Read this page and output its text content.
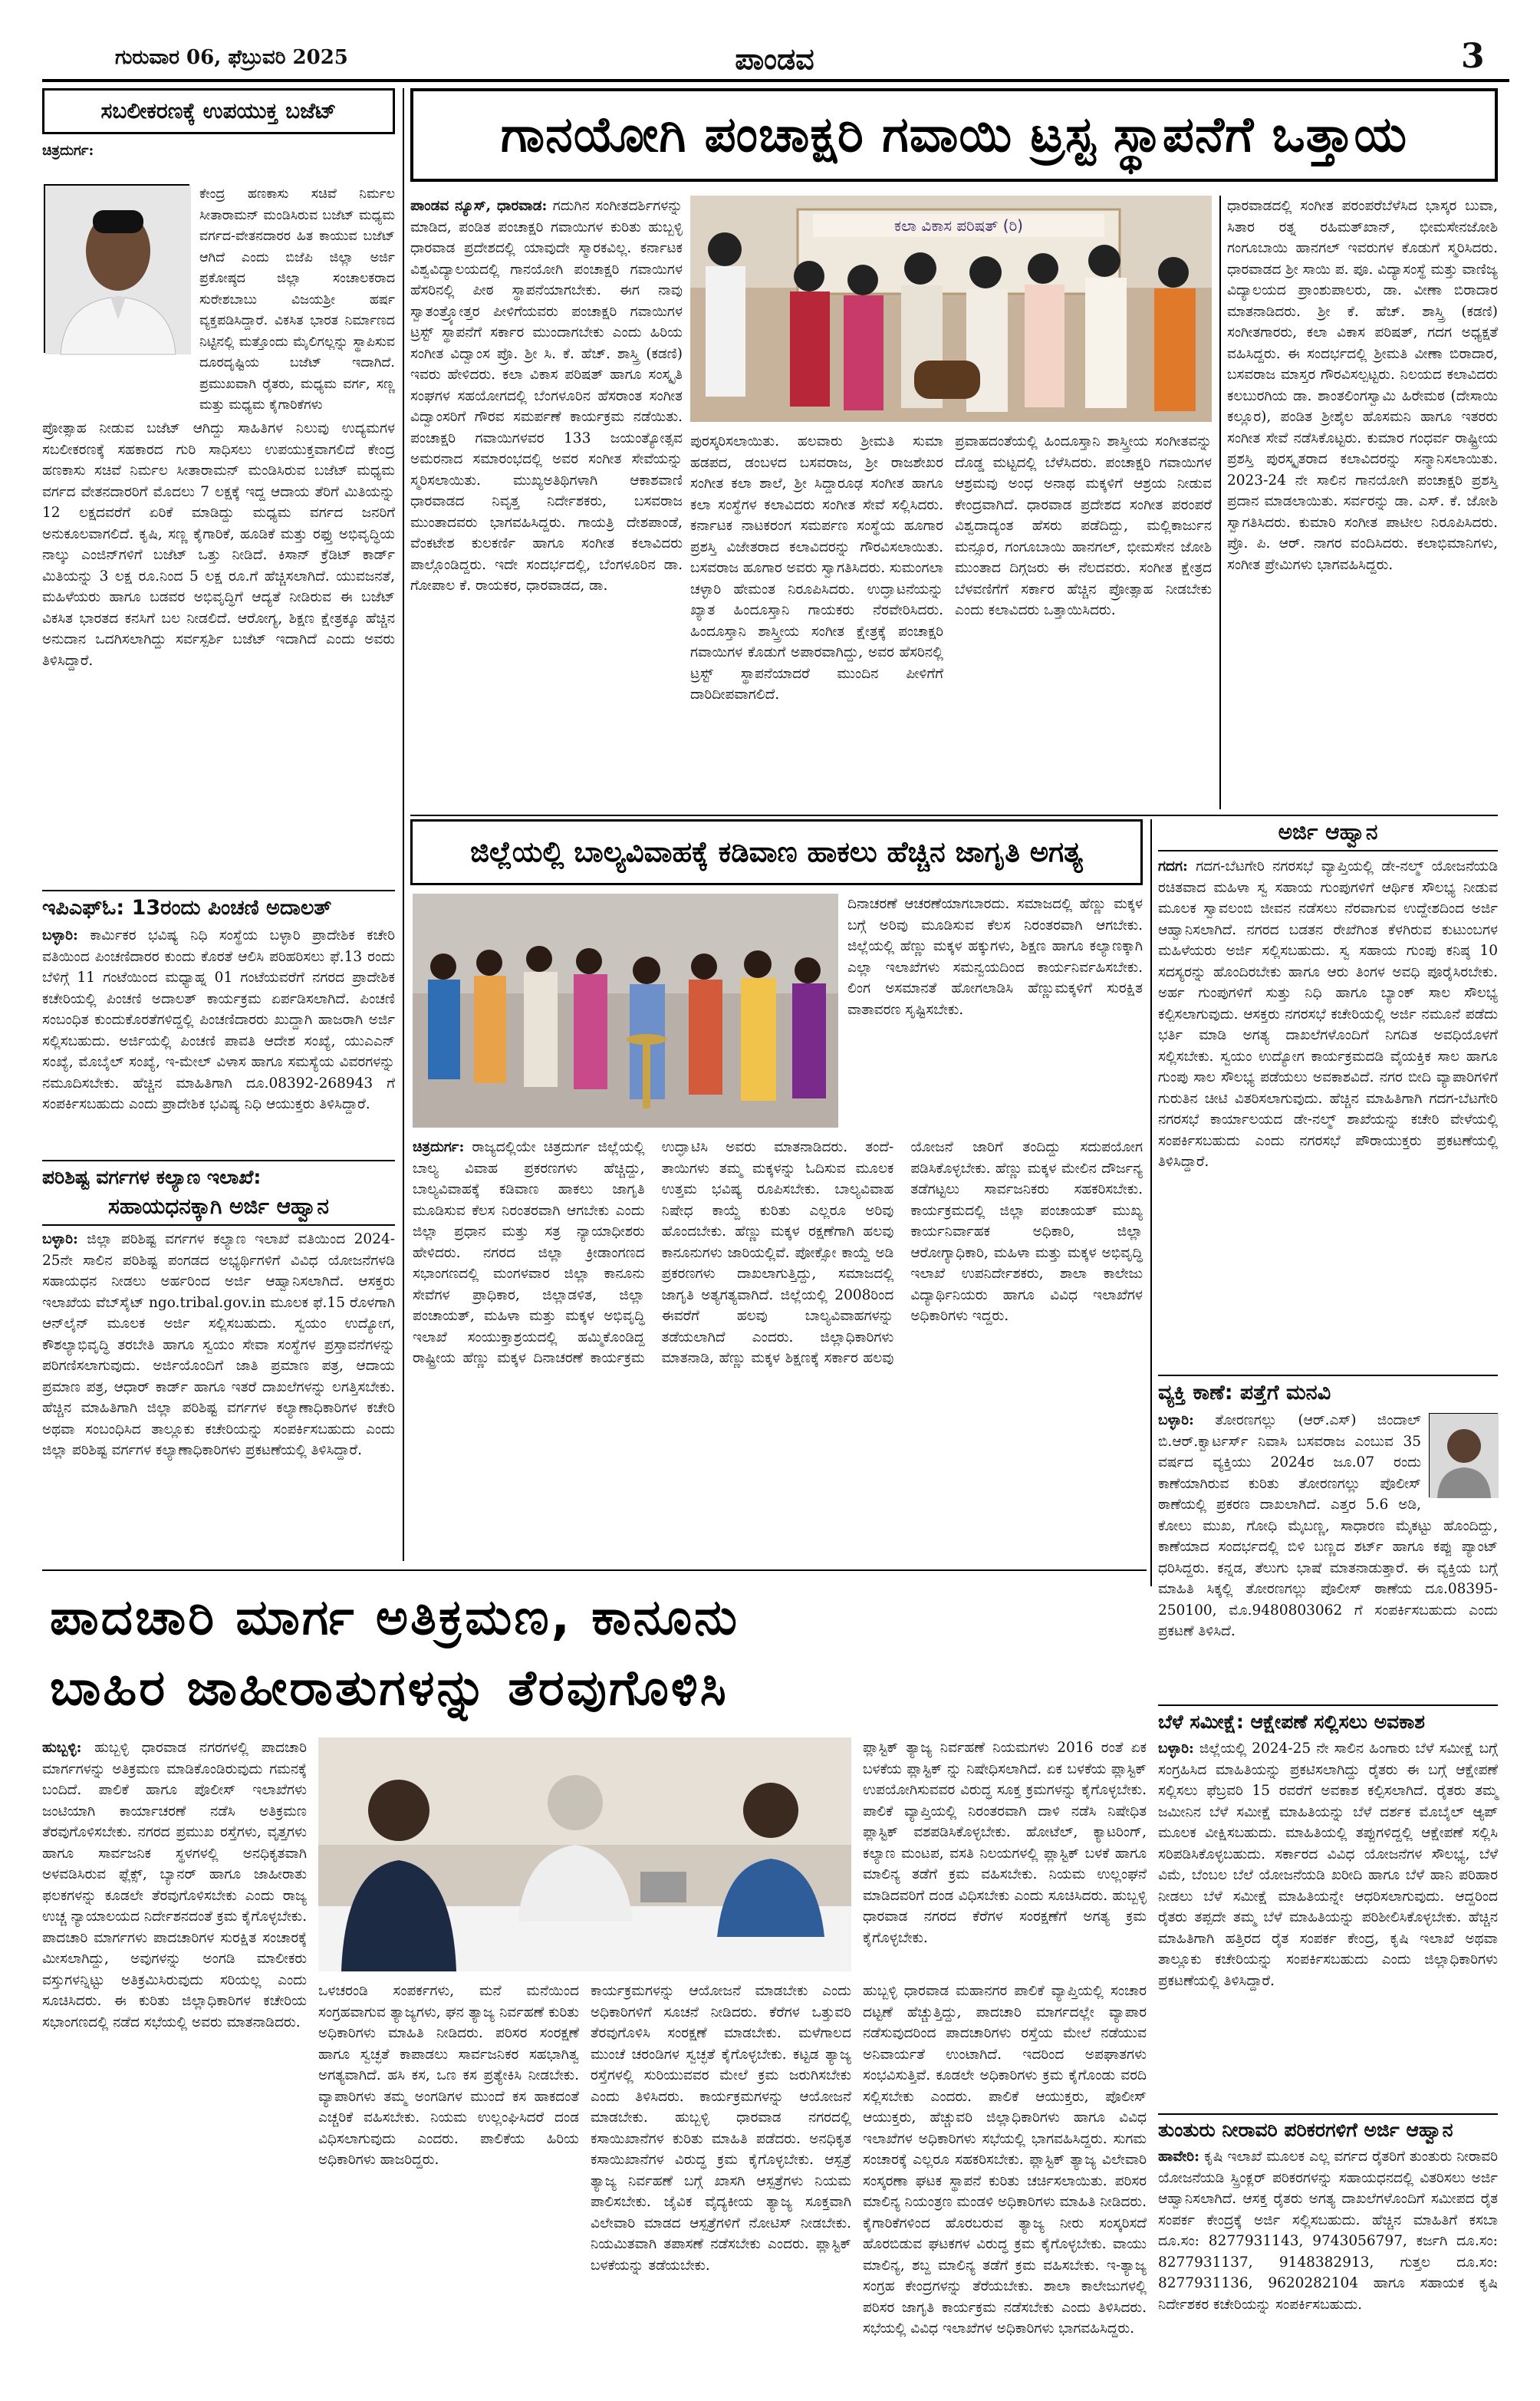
ಗುರುವಾರ 06, ಫೆಬ್ರುವರಿ 2025	ಪಾಂಡವ	3
ಸಬಲೀಕರಣಕ್ಕೆ ಉಪಯುಕ್ತ ಬಜೆಟ್
ಚಿತ್ರದುರ್ಗ:
ಕೇಂದ್ರ ಹಣಕಾಸು ಸಚಿವೆ ನಿರ್ಮಲ ಸೀತಾರಾಮನ್ ಮಂಡಿಸಿರುವ ಬಜೆಟ್ ಮಧ್ಯಮ ವರ್ಗದ-ವೇತನದಾರರ ಹಿತ ಕಾಯುವ ಬಜೆಟ್ ಆಗಿದೆ ಎಂದು ಬಿಜೆಪಿ ಜಿಲ್ಲಾ ಅರ್ಜಿ ಪ್ರಕೋಷ್ಠದ ಜಿಲ್ಲಾ ಸಂಚಾಲಕರಾದ ಸುರೇಶಬಾಬು ವಿಜಯಶ್ರೀ ಹರ್ಷ ವ್ಯಕ್ತಪಡಿಸಿದ್ದಾರೆ. ವಿಕಸಿತ ಭಾರತ ನಿರ್ಮಾಣದ ನಿಟ್ಟಿನಲ್ಲಿ ಮತ್ತೊಂದು ಮೈಲಿಗಲ್ಲನ್ನು ಸ್ಥಾಪಿಸುವ ದೂರದೃಷ್ಟಿಯ ಬಜೆಟ್ ಇದಾಗಿದೆ. ಪ್ರಮುಖವಾಗಿ ರೈತರು, ಮಧ್ಯಮ ವರ್ಗ, ಸಣ್ಣ ಮತ್ತು ಮಧ್ಯಮ ಕೈಗಾರಿಕೆಗಳು
ಪ್ರೋತ್ಸಾಹ ನೀಡುವ ಬಜೆಟ್ ಆಗಿದ್ದು ಸಾಹಿತಿಗಳ ನಿಲುವು ಉದ್ಯಮಗಳ ಸಬಲೀಕರಣಕ್ಕೆ ಸಹಕಾರದ ಗುರಿ ಸಾಧಿಸಲು ಉಪಯುಕ್ತವಾಗಲಿದೆ ಕೇಂದ್ರ ಹಣಕಾಸು ಸಚಿವೆ ನಿರ್ಮಲ ಸೀತಾರಾಮನ್ ಮಂಡಿಸಿರುವ ಬಜೆಟ್ ಮಧ್ಯಮ ವರ್ಗದ ವೇತನದಾರರಿಗೆ ಮೊದಲು 7 ಲಕ್ಷಕ್ಕೆ ಇದ್ದ ಆದಾಯ ತೆರಿಗೆ ಮಿತಿಯನ್ನು 12 ಲಕ್ಷದವರೆಗೆ ಏರಿಕೆ ಮಾಡಿದ್ದು ಮಧ್ಯಮ ವರ್ಗದ ಜನರಿಗೆ ಅನುಕೂಲವಾಗಲಿದೆ. ಕೃಷಿ, ಸಣ್ಣ ಕೈಗಾರಿಕೆ, ಹೂಡಿಕೆ ಮತ್ತು ರಫ್ತು ಅಭಿವೃದ್ಧಿಯ ನಾಲ್ಕು ಎಂಜಿನ್‌ಗಳಿಗೆ ಬಜೆಟ್ ಒತ್ತು ನೀಡಿದೆ. ಕಿಸಾನ್ ಕ್ರೆಡಿಟ್ ಕಾರ್ಡ್ ಮಿತಿಯನ್ನು 3 ಲಕ್ಷ ರೂ.ನಿಂದ 5 ಲಕ್ಷ ರೂ.ಗೆ ಹೆಚ್ಚಿಸಲಾಗಿದೆ. ಯುವಜನತೆ, ಮಹಿಳೆಯರು ಹಾಗೂ ಬಡವರ ಅಭಿವೃದ್ಧಿಗೆ ಆದ್ಯತೆ ನೀಡಿರುವ ಈ ಬಜೆಟ್ ವಿಕಸಿತ ಭಾರತದ ಕನಸಿಗೆ ಬಲ ನೀಡಲಿದೆ. ಆರೋಗ್ಯ, ಶಿಕ್ಷಣ ಕ್ಷೇತ್ರಕ್ಕೂ ಹೆಚ್ಚಿನ ಅನುದಾನ ಒದಗಿಸಲಾಗಿದ್ದು ಸರ್ವಸ್ಪರ್ಶಿ ಬಜೆಟ್ ಇದಾಗಿದೆ ಎಂದು ಅವರು ತಿಳಿಸಿದ್ದಾರೆ.
ಇಪಿಎಫ್‌ಓ: 13ರಂದು ಪಿಂಚಣಿ ಅದಾಲತ್
ಬಳ್ಳಾರಿ: ಕಾರ್ಮಿಕರ ಭವಿಷ್ಯ ನಿಧಿ ಸಂಸ್ಥೆಯ ಬಳ್ಳಾರಿ ಪ್ರಾದೇಶಿಕ ಕಚೇರಿ ವತಿಯಿಂದ ಪಿಂಚಣಿದಾರರ ಕುಂದು ಕೊರತೆ ಆಲಿಸಿ ಪರಿಹರಿಸಲು ಫೆ.13 ರಂದು ಬೆಳಿಗ್ಗೆ 11 ಗಂಟೆಯಿಂದ ಮಧ್ಯಾಹ್ನ 01 ಗಂಟೆಯವರೆಗೆ ನಗರದ ಪ್ರಾದೇಶಿಕ ಕಚೇರಿಯಲ್ಲಿ ಪಿಂಚಣಿ ಅದಾಲತ್ ಕಾರ್ಯಕ್ರಮ ಏರ್ಪಡಿಸಲಾಗಿದೆ. ಪಿಂಚಣಿ ಸಂಬಂಧಿತ ಕುಂದುಕೊರತೆಗಳಿದ್ದಲ್ಲಿ ಪಿಂಚಣಿದಾರರು ಖುದ್ದಾಗಿ ಹಾಜರಾಗಿ ಅರ್ಜಿ ಸಲ್ಲಿಸಬಹುದು. ಅರ್ಜಿಯಲ್ಲಿ ಪಿಂಚಣಿ ಪಾವತಿ ಆದೇಶ ಸಂಖ್ಯೆ, ಯುಎಎನ್ ಸಂಖ್ಯೆ, ಮೊಬೈಲ್ ಸಂಖ್ಯೆ, ಇ-ಮೇಲ್ ವಿಳಾಸ ಹಾಗೂ ಸಮಸ್ಯೆಯ ವಿವರಗಳನ್ನು ನಮೂದಿಸಬೇಕು. ಹೆಚ್ಚಿನ ಮಾಹಿತಿಗಾಗಿ ದೂ.08392-268943 ಗೆ ಸಂಪರ್ಕಿಸಬಹುದು ಎಂದು ಪ್ರಾದೇಶಿಕ ಭವಿಷ್ಯ ನಿಧಿ ಆಯುಕ್ತರು ತಿಳಿಸಿದ್ದಾರೆ.
ಪರಿಶಿಷ್ಟ ವರ್ಗಗಳ ಕಲ್ಯಾಣ ಇಲಾಖೆ:
ಸಹಾಯಧನಕ್ಕಾಗಿ ಅರ್ಜಿ ಆಹ್ವಾನ
ಬಳ್ಳಾರಿ: ಜಿಲ್ಲಾ ಪರಿಶಿಷ್ಟ ವರ್ಗಗಳ ಕಲ್ಯಾಣ ಇಲಾಖೆ ವತಿಯಿಂದ 2024-25ನೇ ಸಾಲಿನ ಪರಿಶಿಷ್ಟ ಪಂಗಡದ ಅಭ್ಯರ್ಥಿಗಳಿಗೆ ವಿವಿಧ ಯೋಜನೆಗಳಡಿ ಸಹಾಯಧನ ನೀಡಲು ಅರ್ಹರಿಂದ ಅರ್ಜಿ ಆಹ್ವಾನಿಸಲಾಗಿದೆ. ಆಸಕ್ತರು ಇಲಾಖೆಯ ವೆಬ್‌ಸೈಟ್ ngo.tribal.gov.in ಮೂಲಕ ಫೆ.15 ರೊಳಗಾಗಿ ಆನ್‌ಲೈನ್ ಮೂಲಕ ಅರ್ಜಿ ಸಲ್ಲಿಸಬಹುದು. ಸ್ವಯಂ ಉದ್ಯೋಗ, ಕೌಶಲ್ಯಾಭಿವೃದ್ಧಿ ತರಬೇತಿ ಹಾಗೂ ಸ್ವಯಂ ಸೇವಾ ಸಂಸ್ಥೆಗಳ ಪ್ರಸ್ತಾವನೆಗಳನ್ನು ಪರಿಗಣಿಸಲಾಗುವುದು. ಅರ್ಜಿಯೊಂದಿಗೆ ಜಾತಿ ಪ್ರಮಾಣ ಪತ್ರ, ಆದಾಯ ಪ್ರಮಾಣ ಪತ್ರ, ಆಧಾರ್ ಕಾರ್ಡ್ ಹಾಗೂ ಇತರೆ ದಾಖಲೆಗಳನ್ನು ಲಗತ್ತಿಸಬೇಕು. ಹೆಚ್ಚಿನ ಮಾಹಿತಿಗಾಗಿ ಜಿಲ್ಲಾ ಪರಿಶಿಷ್ಟ ವರ್ಗಗಳ ಕಲ್ಯಾಣಾಧಿಕಾರಿಗಳ ಕಚೇರಿ ಅಥವಾ ಸಂಬಂಧಿಸಿದ ತಾಲ್ಲೂಕು ಕಚೇರಿಯನ್ನು ಸಂಪರ್ಕಿಸಬಹುದು ಎಂದು ಜಿಲ್ಲಾ ಪರಿಶಿಷ್ಟ ವರ್ಗಗಳ ಕಲ್ಯಾಣಾಧಿಕಾರಿಗಳು ಪ್ರಕಟಣೆಯಲ್ಲಿ ತಿಳಿಸಿದ್ದಾರೆ.
ಗಾನಯೋಗಿ ಪಂಚಾಕ್ಷರಿ ಗವಾಯಿ ಟ್ರಸ್ಟ ಸ್ಥಾಪನೆಗೆ ಒತ್ತಾಯ
ಪಾಂಡವ ನ್ಯೂಸ್, ಧಾರವಾಡ: ಗದುಗಿನ ಸಂಗೀತದರ್ಶಿಗಳನ್ನು ಮಾಡಿದ, ಪಂಡಿತ ಪಂಚಾಕ್ಷರಿ ಗವಾಯಿಗಳ ಕುರಿತು ಹುಬ್ಬಳ್ಳಿ ಧಾರವಾಡ ಪ್ರದೇಶದಲ್ಲಿ ಯಾವುದೇ ಸ್ಮಾರಕವಿಲ್ಲ. ಕರ್ನಾಟಕ ವಿಶ್ವವಿದ್ಯಾಲಯದಲ್ಲಿ ಗಾನಯೋಗಿ ಪಂಚಾಕ್ಷರಿ ಗವಾಯಿಗಳ ಹೆಸರಿನಲ್ಲಿ ಪೀಠ ಸ್ಥಾಪನೆಯಾಗಬೇಕು. ಈಗ ನಾವು ಸ್ವಾತಂತ್ರ್ಯೋತ್ತರ ಪೀಳಿಗೆಯವರು ಪಂಚಾಕ್ಷರಿ ಗವಾಯಿಗಳ ಟ್ರಸ್ಟ್ ಸ್ಥಾಪನೆಗೆ ಸರ್ಕಾರ ಮುಂದಾಗಬೇಕು ಎಂದು ಹಿರಿಯ ಸಂಗೀತ ವಿದ್ವಾಂಸ ಪ್ರೊ. ಶ್ರೀ ಸಿ. ಕೆ. ಹೆಚ್. ಶಾಸ್ತ್ರಿ (ಕಡಣಿ) ಇವರು ಹೇಳಿದರು. ಕಲಾ ವಿಕಾಸ ಪರಿಷತ್ ಹಾಗೂ ಸಂಸ್ಕೃತಿ ಸಂಘಗಳ ಸಹಯೋಗದಲ್ಲಿ ಬೆಂಗಳೂರಿನ ಹೆಸರಾಂತ ಸಂಗೀತ ವಿದ್ವಾಂಸರಿಗೆ ಗೌರವ ಸಮರ್ಪಣೆ ಕಾರ್ಯಕ್ರಮ ನಡೆಯಿತು. ಪಂಚಾಕ್ಷರಿ ಗವಾಯಿಗಳವರ 133 ಜಯಂತ್ಯೋತ್ಸವ ಅಮರನಾದ ಸಮಾರಂಭದಲ್ಲಿ ಅವರ ಸಂಗೀತ ಸೇವೆಯನ್ನು ಸ್ಮರಿಸಲಾಯಿತು. ಮುಖ್ಯಅತಿಥಿಗಳಾಗಿ ಆಕಾಶವಾಣಿ ಧಾರವಾಡದ ನಿವೃತ್ತ ನಿರ್ದೇಶಕರು, ಬಸವರಾಜ ಮುಂತಾದವರು ಭಾಗವಹಿಸಿದ್ದರು. ಗಾಯತ್ರಿ ದೇಶಪಾಂಡೆ, ವೆಂಕಟೇಶ ಕುಲಕರ್ಣಿ ಹಾಗೂ ಸಂಗೀತ ಕಲಾವಿದರು ಪಾಲ್ಗೊಂಡಿದ್ದರು. ಇದೇ ಸಂದರ್ಭದಲ್ಲಿ, ಬೆಂಗಳೂರಿನ ಡಾ. ಗೋಪಾಲ ಕೆ. ರಾಯಕರ, ಧಾರವಾಡದ, ಡಾ.
ಕಲಾ ವಿಕಾಸ ಪರಿಷತ್ (ರಿ)
ಪುರಸ್ಕರಿಸಲಾಯಿತು. ಹಲವಾರು ಶ್ರೀಮತಿ ಸುಮಾ ಹಡಪದ, ಡಂಬಳದ ಬಸವರಾಜ, ಶ್ರೀ ರಾಜಶೇಖರ ಸಂಗೀತ ಕಲಾ ಶಾಲೆ, ಶ್ರೀ ಸಿದ್ದಾರೂಢ ಸಂಗೀತ ಹಾಗೂ ಕಲಾ ಸಂಸ್ಥೆಗಳ ಕಲಾವಿದರು ಸಂಗೀತ ಸೇವೆ ಸಲ್ಲಿಸಿದರು. ಕರ್ನಾಟಕ ನಾಟಕರಂಗ ಸಮರ್ಪಣ ಸಂಸ್ಥೆಯ ಹೂಗಾರ ಪ್ರಶಸ್ತಿ ವಿಜೇತರಾದ ಕಲಾವಿದರನ್ನು ಗೌರವಿಸಲಾಯಿತು. ಬಸವರಾಜ ಹೂಗಾರ ಅವರು ಸ್ವಾಗತಿಸಿದರು. ಸುಮಂಗಲಾ ಚಳ್ಳಾರಿ ಹೇಮಂತ ನಿರೂಪಿಸಿದರು. ಉದ್ಘಾಟನೆಯನ್ನು ಖ್ಯಾತ ಹಿಂದೂಸ್ತಾನಿ ಗಾಯಕರು ನೆರವೇರಿಸಿದರು. ಹಿಂದೂಸ್ತಾನಿ ಶಾಸ್ತ್ರೀಯ ಸಂಗೀತ ಕ್ಷೇತ್ರಕ್ಕೆ ಪಂಚಾಕ್ಷರಿ ಗವಾಯಿಗಳ ಕೊಡುಗೆ ಅಪಾರವಾಗಿದ್ದು, ಅವರ ಹೆಸರಿನಲ್ಲಿ ಟ್ರಸ್ಟ್ ಸ್ಥಾಪನೆಯಾದರೆ ಮುಂದಿನ ಪೀಳಿಗೆಗೆ ದಾರಿದೀಪವಾಗಲಿದೆ.
ಪ್ರವಾಹದಂತೆಯಲ್ಲಿ ಹಿಂದೂಸ್ತಾನಿ ಶಾಸ್ತ್ರೀಯ ಸಂಗೀತವನ್ನು ದೊಡ್ಡ ಮಟ್ಟದಲ್ಲಿ ಬೆಳೆಸಿದರು. ಪಂಚಾಕ್ಷರಿ ಗವಾಯಿಗಳ ಆಶ್ರಮವು ಅಂಧ ಅನಾಥ ಮಕ್ಕಳಿಗೆ ಆಶ್ರಯ ನೀಡುವ ಕೇಂದ್ರವಾಗಿದೆ. ಧಾರವಾಡ ಪ್ರದೇಶದ ಸಂಗೀತ ಪರಂಪರೆ ವಿಶ್ವದಾದ್ಯಂತ ಹೆಸರು ಪಡೆದಿದ್ದು, ಮಲ್ಲಿಕಾರ್ಜುನ ಮನ್ಸೂರ, ಗಂಗೂಬಾಯಿ ಹಾನಗಲ್, ಭೀಮಸೇನ ಜೋಶಿ ಮುಂತಾದ ದಿಗ್ಗಜರು ಈ ನೆಲದವರು. ಸಂಗೀತ ಕ್ಷೇತ್ರದ ಬೆಳವಣಿಗೆಗೆ ಸರ್ಕಾರ ಹೆಚ್ಚಿನ ಪ್ರೋತ್ಸಾಹ ನೀಡಬೇಕು ಎಂದು ಕಲಾವಿದರು ಒತ್ತಾಯಿಸಿದರು.
ಧಾರವಾಡದಲ್ಲಿ ಸಂಗೀತ ಪರಂಪರೆಬೆಳೆಸಿದ ಭಾಸ್ಕರ ಬುವಾ, ಸಿತಾರ ರತ್ನ ರಹಿಮತ್‌ಖಾನ್, ಭೀಮಸೇನಜೋಶಿ ಗಂಗೂಬಾಯಿ ಹಾನಗಲ್ ಇವರುಗಳ ಕೊಡುಗೆ ಸ್ಮರಿಸಿದರು. ಧಾರವಾಡದ ಶ್ರೀ ಸಾಯಿ ಪ. ಪೂ. ವಿದ್ಯಾಸಂಸ್ಥೆ ಮತ್ತು ವಾಣಿಜ್ಯ ವಿದ್ಯಾಲಯದ ಪ್ರಾಂಶುಪಾಲರು, ಡಾ. ವೀಣಾ ಬಿರಾದಾರ ಮಾತನಾಡಿದರು. ಶ್ರೀ ಕೆ. ಹೆಚ್. ಶಾಸ್ತ್ರಿ (ಕಡಣಿ) ಸಂಗೀತಗಾರರು, ಕಲಾ ವಿಕಾಸ ಪರಿಷತ್, ಗದಗ ಅಧ್ಯಕ್ಷತೆ ವಹಿಸಿದ್ದರು. ಈ ಸಂದರ್ಭದಲ್ಲಿ ಶ್ರೀಮತಿ ವೀಣಾ ಬಿರಾದಾರ, ಬಸವರಾಜ ಮಾಸ್ತರ ಗೌರವಿಸಲ್ಪಟ್ಟರು. ನಿಲಯದ ಕಲಾವಿದರು ಕಲಬುರಗಿಯ ಡಾ. ಶಾಂತಲಿಂಗಸ್ವಾಮಿ ಹಿರೇಮಠ (ದೇಸಾಯಿ ಕಲ್ಲೂರ), ಪಂಡಿತ ಶ್ರೀಶೈಲ ಹೊಸಮನಿ ಹಾಗೂ ಇತರರು ಸಂಗೀತ ಸೇವೆ ನಡೆಸಿಕೊಟ್ಟರು. ಕುಮಾರ ಗಂಧರ್ವ ರಾಷ್ಟ್ರೀಯ ಪ್ರಶಸ್ತಿ ಪುರಸ್ಕೃತರಾದ ಕಲಾವಿದರನ್ನು ಸನ್ಮಾನಿಸಲಾಯಿತು. 2023-24 ನೇ ಸಾಲಿನ ಗಾನಯೋಗಿ ಪಂಚಾಕ್ಷರಿ ಪ್ರಶಸ್ತಿ ಪ್ರದಾನ ಮಾಡಲಾಯಿತು. ಸರ್ವರನ್ನು ಡಾ. ಎಸ್. ಕೆ. ಜೋಶಿ ಸ್ವಾಗತಿಸಿದರು. ಕುಮಾರಿ ಸಂಗೀತ ಪಾಟೀಲ ನಿರೂಪಿಸಿದರು. ಪ್ರೊ. ಪಿ. ಆರ್. ನಾಗರ ವಂದಿಸಿದರು. ಕಲಾಭಿಮಾನಿಗಳು, ಸಂಗೀತ ಪ್ರೇಮಿಗಳು ಭಾಗವಹಿಸಿದ್ದರು.
ಜಿಲ್ಲೆಯಲ್ಲಿ ಬಾಲ್ಯವಿವಾಹಕ್ಕೆ ಕಡಿವಾಣ ಹಾಕಲು ಹೆಚ್ಚಿನ ಜಾಗೃತಿ ಅಗತ್ಯ
ದಿನಾಚರಣೆ ಆಚರಣೆಯಾಗಬಾರದು. ಸಮಾಜದಲ್ಲಿ ಹೆಣ್ಣು ಮಕ್ಕಳ ಬಗ್ಗೆ ಅರಿವು ಮೂಡಿಸುವ ಕೆಲಸ ನಿರಂತರವಾಗಿ ಆಗಬೇಕು. ಜಿಲ್ಲೆಯಲ್ಲಿ ಹೆಣ್ಣು ಮಕ್ಕಳ ಹಕ್ಕುಗಳು, ಶಿಕ್ಷಣ ಹಾಗೂ ಕಲ್ಯಾಣಕ್ಕಾಗಿ ಎಲ್ಲಾ ಇಲಾಖೆಗಳು ಸಮನ್ವಯದಿಂದ ಕಾರ್ಯನಿರ್ವಹಿಸಬೇಕು. ಲಿಂಗ ಅಸಮಾನತೆ ಹೋಗಲಾಡಿಸಿ ಹೆಣ್ಣುಮಕ್ಕಳಿಗೆ ಸುರಕ್ಷಿತ ವಾತಾವರಣ ಸೃಷ್ಟಿಸಬೇಕು.
ಚಿತ್ರದುರ್ಗ: ರಾಜ್ಯದಲ್ಲಿಯೇ ಚಿತ್ರದುರ್ಗ ಜಿಲ್ಲೆಯಲ್ಲಿ ಬಾಲ್ಯ ವಿವಾಹ ಪ್ರಕರಣಗಳು ಹೆಚ್ಚಿದ್ದು, ಬಾಲ್ಯವಿವಾಹಕ್ಕೆ ಕಡಿವಾಣ ಹಾಕಲು ಜಾಗೃತಿ ಮೂಡಿಸುವ ಕೆಲಸ ನಿರಂತರವಾಗಿ ಆಗಬೇಕು ಎಂದು ಜಿಲ್ಲಾ ಪ್ರಧಾನ ಮತ್ತು ಸತ್ರ ನ್ಯಾಯಾಧೀಶರು ಹೇಳಿದರು. ನಗರದ ಜಿಲ್ಲಾ ಕ್ರೀಡಾಂಗಣದ ಸಭಾಂಗಣದಲ್ಲಿ ಮಂಗಳವಾರ ಜಿಲ್ಲಾ ಕಾನೂನು ಸೇವೆಗಳ ಪ್ರಾಧಿಕಾರ, ಜಿಲ್ಲಾಡಳಿತ, ಜಿಲ್ಲಾ ಪಂಚಾಯತ್, ಮಹಿಳಾ ಮತ್ತು ಮಕ್ಕಳ ಅಭಿವೃದ್ಧಿ ಇಲಾಖೆ ಸಂಯುಕ್ತಾಶ್ರಯದಲ್ಲಿ ಹಮ್ಮಿಕೊಂಡಿದ್ದ ರಾಷ್ಟ್ರೀಯ ಹೆಣ್ಣು ಮಕ್ಕಳ ದಿನಾಚರಣೆ ಕಾರ್ಯಕ್ರಮ ಉದ್ಘಾಟಿಸಿ ಅವರು ಮಾತನಾಡಿದರು. ತಂದೆ-ತಾಯಿಗಳು ತಮ್ಮ ಮಕ್ಕಳನ್ನು ಓದಿಸುವ ಮೂಲಕ ಉತ್ತಮ ಭವಿಷ್ಯ ರೂಪಿಸಬೇಕು. ಬಾಲ್ಯವಿವಾಹ ನಿಷೇಧ ಕಾಯ್ದೆ ಕುರಿತು ಎಲ್ಲರೂ ಅರಿವು ಹೊಂದಬೇಕು. ಹೆಣ್ಣು ಮಕ್ಕಳ ರಕ್ಷಣೆಗಾಗಿ ಹಲವು ಕಾನೂನುಗಳು ಜಾರಿಯಲ್ಲಿವೆ. ಪೋಕ್ಸೋ ಕಾಯ್ದೆ ಅಡಿ ಪ್ರಕರಣಗಳು ದಾಖಲಾಗುತ್ತಿದ್ದು, ಸಮಾಜದಲ್ಲಿ ಜಾಗೃತಿ ಅತ್ಯಗತ್ಯವಾಗಿದೆ. ಜಿಲ್ಲೆಯಲ್ಲಿ 2008ರಿಂದ ಈವರೆಗೆ ಹಲವು ಬಾಲ್ಯವಿವಾಹಗಳನ್ನು ತಡೆಯಲಾಗಿದೆ ಎಂದರು. ಜಿಲ್ಲಾಧಿಕಾರಿಗಳು ಮಾತನಾಡಿ, ಹೆಣ್ಣು ಮಕ್ಕಳ ಶಿಕ್ಷಣಕ್ಕೆ ಸರ್ಕಾರ ಹಲವು ಯೋಜನೆ ಜಾರಿಗೆ ತಂದಿದ್ದು ಸದುಪಯೋಗ ಪಡಿಸಿಕೊಳ್ಳಬೇಕು. ಹೆಣ್ಣು ಮಕ್ಕಳ ಮೇಲಿನ ದೌರ್ಜನ್ಯ ತಡೆಗಟ್ಟಲು ಸಾರ್ವಜನಿಕರು ಸಹಕರಿಸಬೇಕು. ಕಾರ್ಯಕ್ರಮದಲ್ಲಿ ಜಿಲ್ಲಾ ಪಂಚಾಯತ್ ಮುಖ್ಯ ಕಾರ್ಯನಿರ್ವಾಹಕ ಅಧಿಕಾರಿ, ಜಿಲ್ಲಾ ಆರೋಗ್ಯಾಧಿಕಾರಿ, ಮಹಿಳಾ ಮತ್ತು ಮಕ್ಕಳ ಅಭಿವೃದ್ಧಿ ಇಲಾಖೆ ಉಪನಿರ್ದೇಶಕರು, ಶಾಲಾ ಕಾಲೇಜು ವಿದ್ಯಾರ್ಥಿನಿಯರು ಹಾಗೂ ವಿವಿಧ ಇಲಾಖೆಗಳ ಅಧಿಕಾರಿಗಳು ಇದ್ದರು.
ಅರ್ಜಿ ಆಹ್ವಾನ
ಗದಗ: ಗದಗ-ಬೆಟಗೇರಿ ನಗರಸಭೆ ವ್ಯಾಪ್ತಿಯಲ್ಲಿ ಡೇ-ನಲ್ಮ್ ಯೋಜನೆಯಡಿ ರಚಿತವಾದ ಮಹಿಳಾ ಸ್ವ ಸಹಾಯ ಗುಂಪುಗಳಿಗೆ ಆರ್ಥಿಕ ಸೌಲಭ್ಯ ನೀಡುವ ಮೂಲಕ ಸ್ವಾವಲಂಬಿ ಜೀವನ ನಡೆಸಲು ನೆರವಾಗುವ ಉದ್ದೇಶದಿಂದ ಅರ್ಜಿ ಆಹ್ವಾನಿಸಲಾಗಿದೆ. ನಗರದ ಬಡತನ ರೇಖೆಗಿಂತ ಕೆಳಗಿರುವ ಕುಟುಂಬಗಳ ಮಹಿಳೆಯರು ಅರ್ಜಿ ಸಲ್ಲಿಸಬಹುದು. ಸ್ವ ಸಹಾಯ ಗುಂಪು ಕನಿಷ್ಠ 10 ಸದಸ್ಯರನ್ನು ಹೊಂದಿರಬೇಕು ಹಾಗೂ ಆರು ತಿಂಗಳ ಅವಧಿ ಪೂರೈಸಿರಬೇಕು. ಅರ್ಹ ಗುಂಪುಗಳಿಗೆ ಸುತ್ತು ನಿಧಿ ಹಾಗೂ ಬ್ಯಾಂಕ್ ಸಾಲ ಸೌಲಭ್ಯ ಕಲ್ಪಿಸಲಾಗುವುದು. ಆಸಕ್ತರು ನಗರಸಭೆ ಕಚೇರಿಯಲ್ಲಿ ಅರ್ಜಿ ನಮೂನೆ ಪಡೆದು ಭರ್ತಿ ಮಾಡಿ ಅಗತ್ಯ ದಾಖಲೆಗಳೊಂದಿಗೆ ನಿಗದಿತ ಅವಧಿಯೊಳಗೆ ಸಲ್ಲಿಸಬೇಕು. ಸ್ವಯಂ ಉದ್ಯೋಗ ಕಾರ್ಯಕ್ರಮದಡಿ ವೈಯಕ್ತಿಕ ಸಾಲ ಹಾಗೂ ಗುಂಪು ಸಾಲ ಸೌಲಭ್ಯ ಪಡೆಯಲು ಅವಕಾಶವಿದೆ. ನಗರ ಬೀದಿ ವ್ಯಾಪಾರಿಗಳಿಗೆ ಗುರುತಿನ ಚೀಟಿ ವಿತರಿಸಲಾಗುವುದು. ಹೆಚ್ಚಿನ ಮಾಹಿತಿಗಾಗಿ ಗದಗ-ಬೆಟಗೇರಿ ನಗರಸಭೆ ಕಾರ್ಯಾಲಯದ ಡೇ-ನಲ್ಮ್ ಶಾಖೆಯನ್ನು ಕಚೇರಿ ವೇಳೆಯಲ್ಲಿ ಸಂಪರ್ಕಿಸಬಹುದು ಎಂದು ನಗರಸಭೆ ಪೌರಾಯುಕ್ತರು ಪ್ರಕಟಣೆಯಲ್ಲಿ ತಿಳಿಸಿದ್ದಾರೆ.
ವ್ಯಕ್ತಿ ಕಾಣೆ: ಪತ್ತೆಗೆ ಮನವಿ
ಬಳ್ಳಾರಿ: ತೋರಣಗಲ್ಲು (ಆರ್.ಎಸ್) ಜಿಂದಾಲ್ ಬಿ.ಆರ್.ಕ್ವಾರ್ಟರ್ಸ್ ನಿವಾಸಿ ಬಸವರಾಜ ಎಂಬುವ 35 ವರ್ಷದ ವ್ಯಕ್ತಿಯು 2024ರ ಜೂ.07 ರಂದು ಕಾಣೆಯಾಗಿರುವ ಕುರಿತು ತೋರಣಗಲ್ಲು ಪೊಲೀಸ್ ಠಾಣೆಯಲ್ಲಿ ಪ್ರಕರಣ ದಾಖಲಾಗಿದೆ. ಎತ್ತರ 5.6 ಅಡಿ, ಕೋಲು ಮುಖ, ಗೋಧಿ ಮೈಬಣ್ಣ, ಸಾಧಾರಣ ಮೈಕಟ್ಟು ಹೊಂದಿದ್ದು, ಕಾಣೆಯಾದ ಸಂದರ್ಭದಲ್ಲಿ ಬಿಳಿ ಬಣ್ಣದ ಶರ್ಟ್ ಹಾಗೂ ಕಪ್ಪು ಪ್ಯಾಂಟ್ ಧರಿಸಿದ್ದರು. ಕನ್ನಡ, ತೆಲುಗು ಭಾಷೆ ಮಾತನಾಡುತ್ತಾರೆ. ಈ ವ್ಯಕ್ತಿಯ ಬಗ್ಗೆ ಮಾಹಿತಿ ಸಿಕ್ಕಲ್ಲಿ ತೋರಣಗಲ್ಲು ಪೊಲೀಸ್ ಠಾಣೆಯ ದೂ.08395-250100, ಮೊ.9480803062 ಗೆ ಸಂಪರ್ಕಿಸಬಹುದು ಎಂದು ಪ್ರಕಟಣೆ ತಿಳಿಸಿದೆ.
ಪಾದಚಾರಿ ಮಾರ್ಗ ಅತಿಕ್ರಮಣ, ಕಾನೂನು
ಬಾಹಿರ ಜಾಹೀರಾತುಗಳನ್ನು ತೆರವುಗೊಳಿಸಿ
ಹುಬ್ಬಳ್ಳಿ: ಹುಬ್ಬಳ್ಳಿ ಧಾರವಾಡ ನಗರಗಳಲ್ಲಿ ಪಾದಚಾರಿ ಮಾರ್ಗಗಳನ್ನು ಅತಿಕ್ರಮಣ ಮಾಡಿಕೊಂಡಿರುವುದು ಗಮನಕ್ಕೆ ಬಂದಿದೆ. ಪಾಲಿಕೆ ಹಾಗೂ ಪೊಲೀಸ್ ಇಲಾಖೆಗಳು ಜಂಟಿಯಾಗಿ ಕಾರ್ಯಾಚರಣೆ ನಡೆಸಿ ಅತಿಕ್ರಮಣ ತೆರವುಗೊಳಿಸಬೇಕು. ನಗರದ ಪ್ರಮುಖ ರಸ್ತೆಗಳು, ವೃತ್ತಗಳು ಹಾಗೂ ಸಾರ್ವಜನಿಕ ಸ್ಥಳಗಳಲ್ಲಿ ಅನಧಿಕೃತವಾಗಿ ಅಳವಡಿಸಿರುವ ಫ್ಲೆಕ್ಸ್, ಬ್ಯಾನರ್ ಹಾಗೂ ಜಾಹೀರಾತು ಫಲಕಗಳನ್ನು ಕೂಡಲೇ ತೆರವುಗೊಳಿಸಬೇಕು ಎಂದು ರಾಜ್ಯ ಉಚ್ಚ ನ್ಯಾಯಾಲಯದ ನಿರ್ದೇಶನದಂತೆ ಕ್ರಮ ಕೈಗೊಳ್ಳಬೇಕು. ಪಾದಚಾರಿ ಮಾರ್ಗಗಳು ಪಾದಚಾರಿಗಳ ಸುರಕ್ಷಿತ ಸಂಚಾರಕ್ಕೆ ಮೀಸಲಾಗಿದ್ದು, ಅವುಗಳನ್ನು ಅಂಗಡಿ ಮಾಲೀಕರು ವಸ್ತುಗಳನ್ನಿಟ್ಟು ಅತಿಕ್ರಮಿಸಿರುವುದು ಸರಿಯಲ್ಲ ಎಂದು ಸೂಚಿಸಿದರು. ಈ ಕುರಿತು ಜಿಲ್ಲಾಧಿಕಾರಿಗಳ ಕಚೇರಿಯ ಸಭಾಂಗಣದಲ್ಲಿ ನಡೆದ ಸಭೆಯಲ್ಲಿ ಅವರು ಮಾತನಾಡಿದರು.
ಪ್ಲಾಸ್ಟಿಕ್ ತ್ಯಾಜ್ಯ ನಿರ್ವಹಣೆ ನಿಯಮಗಳು 2016 ರಂತೆ ಏಕ ಬಳಕೆಯ ಪ್ಲಾಸ್ಟಿಕ್ ನ್ನು ನಿಷೇಧಿಸಲಾಗಿದೆ. ಏಕ ಬಳಕೆಯ ಪ್ಲಾಸ್ಟಿಕ್ ಉಪಯೋಗಿಸುವವರ ವಿರುದ್ಧ ಸೂಕ್ತ ಕ್ರಮಗಳನ್ನು ಕೈಗೊಳ್ಳಬೇಕು. ಪಾಲಿಕೆ ವ್ಯಾಪ್ತಿಯಲ್ಲಿ ನಿರಂತರವಾಗಿ ದಾಳಿ ನಡೆಸಿ ನಿಷೇಧಿತ ಪ್ಲಾಸ್ಟಿಕ್ ವಶಪಡಿಸಿಕೊಳ್ಳಬೇಕು. ಹೋಟೆಲ್, ಕ್ಯಾಟರಿಂಗ್, ಕಲ್ಯಾಣ ಮಂಟಪ, ವಸತಿ ನಿಲಯಗಳಲ್ಲಿ ಪ್ಲಾಸ್ಟಿಕ್ ಬಳಕೆ ಹಾಗೂ ಮಾಲಿನ್ಯ ತಡೆಗೆ ಕ್ರಮ ವಹಿಸಬೇಕು. ನಿಯಮ ಉಲ್ಲಂಘನೆ ಮಾಡಿದವರಿಗೆ ದಂಡ ವಿಧಿಸಬೇಕು ಎಂದು ಸೂಚಿಸಿದರು. ಹುಬ್ಬಳ್ಳಿ ಧಾರವಾಡ ನಗರದ ಕೆರೆಗಳ ಸಂರಕ್ಷಣೆಗೆ ಅಗತ್ಯ ಕ್ರಮ ಕೈಗೊಳ್ಳಬೇಕು.
ಒಳಚರಂಡಿ ಸಂಪರ್ಕಗಳು, ಮನೆ ಮನೆಯಿಂದ ಸಂಗ್ರಹವಾಗುವ ತ್ಯಾಜ್ಯಗಳು, ಘನ ತ್ಯಾಜ್ಯ ನಿರ್ವಹಣೆ ಕುರಿತು ಅಧಿಕಾರಿಗಳು ಮಾಹಿತಿ ನೀಡಿದರು. ಪರಿಸರ ಸಂರಕ್ಷಣೆ ಹಾಗೂ ಸ್ವಚ್ಛತೆ ಕಾಪಾಡಲು ಸಾರ್ವಜನಿಕರ ಸಹಭಾಗಿತ್ವ ಅಗತ್ಯವಾಗಿದೆ. ಹಸಿ ಕಸ, ಒಣ ಕಸ ಪ್ರತ್ಯೇಕಿಸಿ ನೀಡಬೇಕು. ವ್ಯಾಪಾರಿಗಳು ತಮ್ಮ ಅಂಗಡಿಗಳ ಮುಂದೆ ಕಸ ಹಾಕದಂತೆ ಎಚ್ಚರಿಕೆ ವಹಿಸಬೇಕು. ನಿಯಮ ಉಲ್ಲಂಘಿಸಿದರೆ ದಂಡ ವಿಧಿಸಲಾಗುವುದು ಎಂದರು. ಪಾಲಿಕೆಯ ಹಿರಿಯ ಅಧಿಕಾರಿಗಳು ಹಾಜರಿದ್ದರು.
ಕಾರ್ಯಕ್ರಮಗಳನ್ನು ಆಯೋಜನೆ ಮಾಡಬೇಕು ಎಂದು ಅಧಿಕಾರಿಗಳಿಗೆ ಸೂಚನೆ ನೀಡಿದರು. ಕೆರೆಗಳ ಒತ್ತುವರಿ ತೆರವುಗೊಳಿಸಿ ಸಂರಕ್ಷಣೆ ಮಾಡಬೇಕು. ಮಳೆಗಾಲದ ಮುಂಚೆ ಚರಂಡಿಗಳ ಸ್ವಚ್ಛತೆ ಕೈಗೊಳ್ಳಬೇಕು. ಕಟ್ಟಡ ತ್ಯಾಜ್ಯ ರಸ್ತೆಗಳಲ್ಲಿ ಸುರಿಯುವವರ ಮೇಲೆ ಕ್ರಮ ಜರುಗಿಸಬೇಕು ಎಂದು ತಿಳಿಸಿದರು. ಕಾರ್ಯಕ್ರಮಗಳನ್ನು ಆಯೋಜನೆ ಮಾಡಬೇಕು. ಹುಬ್ಬಳ್ಳಿ ಧಾರವಾಡ ನಗರದಲ್ಲಿ ಕಸಾಯಿಖಾನೆಗಳ ಕುರಿತು ಮಾಹಿತಿ ಪಡೆದರು. ಅನಧಿಕೃತ ಕಸಾಯಿಖಾನೆಗಳ ವಿರುದ್ಧ ಕ್ರಮ ಕೈಗೊಳ್ಳಬೇಕು. ಆಸ್ಪತ್ರೆ ತ್ಯಾಜ್ಯ ನಿರ್ವಹಣೆ ಬಗ್ಗೆ ಖಾಸಗಿ ಆಸ್ಪತ್ರೆಗಳು ನಿಯಮ ಪಾಲಿಸಬೇಕು. ಜೈವಿಕ ವೈದ್ಯಕೀಯ ತ್ಯಾಜ್ಯ ಸೂಕ್ತವಾಗಿ ವಿಲೇವಾರಿ ಮಾಡದ ಆಸ್ಪತ್ರೆಗಳಿಗೆ ನೋಟಿಸ್ ನೀಡಬೇಕು. ನಿಯಮಿತವಾಗಿ ತಪಾಸಣೆ ನಡೆಸಬೇಕು ಎಂದರು. ಪ್ಲಾಸ್ಟಿಕ್ ಬಳಕೆಯನ್ನು ತಡೆಯಬೇಕು.
ಹುಬ್ಬಳ್ಳಿ ಧಾರವಾಡ ಮಹಾನಗರ ಪಾಲಿಕೆ ವ್ಯಾಪ್ತಿಯಲ್ಲಿ ಸಂಚಾರ ದಟ್ಟಣೆ ಹೆಚ್ಚುತ್ತಿದ್ದು, ಪಾದಚಾರಿ ಮಾರ್ಗದಲ್ಲೇ ವ್ಯಾಪಾರ ನಡೆಸುವುದರಿಂದ ಪಾದಚಾರಿಗಳು ರಸ್ತೆಯ ಮೇಲೆ ನಡೆಯುವ ಅನಿವಾರ್ಯತೆ ಉಂಟಾಗಿದೆ. ಇದರಿಂದ ಅಪಘಾತಗಳು ಸಂಭವಿಸುತ್ತಿವೆ. ಕೂಡಲೇ ಅಧಿಕಾರಿಗಳು ಕ್ರಮ ಕೈಗೊಂಡು ವರದಿ ಸಲ್ಲಿಸಬೇಕು ಎಂದರು. ಪಾಲಿಕೆ ಆಯುಕ್ತರು, ಪೊಲೀಸ್ ಆಯುಕ್ತರು, ಹೆಚ್ಚುವರಿ ಜಿಲ್ಲಾಧಿಕಾರಿಗಳು ಹಾಗೂ ವಿವಿಧ ಇಲಾಖೆಗಳ ಅಧಿಕಾರಿಗಳು ಸಭೆಯಲ್ಲಿ ಭಾಗವಹಿಸಿದ್ದರು. ಸುಗಮ ಸಂಚಾರಕ್ಕೆ ಎಲ್ಲರೂ ಸಹಕರಿಸಬೇಕು. ಪ್ಲಾಸ್ಟಿಕ್ ತ್ಯಾಜ್ಯ ವಿಲೇವಾರಿ ಸಂಸ್ಕರಣಾ ಘಟಕ ಸ್ಥಾಪನೆ ಕುರಿತು ಚರ್ಚಿಸಲಾಯಿತು. ಪರಿಸರ ಮಾಲಿನ್ಯ ನಿಯಂತ್ರಣ ಮಂಡಳಿ ಅಧಿಕಾರಿಗಳು ಮಾಹಿತಿ ನೀಡಿದರು. ಕೈಗಾರಿಕೆಗಳಿಂದ ಹೊರಬರುವ ತ್ಯಾಜ್ಯ ನೀರು ಸಂಸ್ಕರಿಸದೆ ಹೊರಬಿಡುವ ಘಟಕಗಳ ವಿರುದ್ಧ ಕ್ರಮ ಕೈಗೊಳ್ಳಬೇಕು. ವಾಯು ಮಾಲಿನ್ಯ, ಶಬ್ದ ಮಾಲಿನ್ಯ ತಡೆಗೆ ಕ್ರಮ ವಹಿಸಬೇಕು. ಇ-ತ್ಯಾಜ್ಯ ಸಂಗ್ರಹ ಕೇಂದ್ರಗಳನ್ನು ತೆರೆಯಬೇಕು. ಶಾಲಾ ಕಾಲೇಜುಗಳಲ್ಲಿ ಪರಿಸರ ಜಾಗೃತಿ ಕಾರ್ಯಕ್ರಮ ನಡೆಸಬೇಕು ಎಂದು ತಿಳಿಸಿದರು. ಸಭೆಯಲ್ಲಿ ವಿವಿಧ ಇಲಾಖೆಗಳ ಅಧಿಕಾರಿಗಳು ಭಾಗವಹಿಸಿದ್ದರು.
ಬೆಳೆ ಸಮೀಕ್ಷೆ: ಆಕ್ಷೇಪಣೆ ಸಲ್ಲಿಸಲು ಅವಕಾಶ
ಬಳ್ಳಾರಿ: ಜಿಲ್ಲೆಯಲ್ಲಿ 2024-25 ನೇ ಸಾಲಿನ ಹಿಂಗಾರು ಬೆಳೆ ಸಮೀಕ್ಷೆ ಬಗ್ಗೆ ಸಂಗ್ರಹಿಸಿದ ಮಾಹಿತಿಯನ್ನು ಪ್ರಕಟಿಸಲಾಗಿದ್ದು ರೈತರು ಈ ಬಗ್ಗೆ ಆಕ್ಷೇಪಣೆ ಸಲ್ಲಿಸಲು ಫೆಬ್ರವರಿ 15 ರವರೆಗೆ ಅವಕಾಶ ಕಲ್ಪಿಸಲಾಗಿದೆ. ರೈತರು ತಮ್ಮ ಜಮೀನಿನ ಬೆಳೆ ಸಮೀಕ್ಷೆ ಮಾಹಿತಿಯನ್ನು ಬೆಳೆ ದರ್ಶಕ ಮೊಬೈಲ್ ಆ್ಯಪ್ ಮೂಲಕ ವೀಕ್ಷಿಸಬಹುದು. ಮಾಹಿತಿಯಲ್ಲಿ ತಪ್ಪುಗಳಿದ್ದಲ್ಲಿ ಆಕ್ಷೇಪಣೆ ಸಲ್ಲಿಸಿ ಸರಿಪಡಿಸಿಕೊಳ್ಳಬಹುದು. ಸರ್ಕಾರದ ವಿವಿಧ ಯೋಜನೆಗಳ ಸೌಲಭ್ಯ, ಬೆಳೆ ವಿಮೆ, ಬೆಂಬಲ ಬೆಲೆ ಯೋಜನೆಯಡಿ ಖರೀದಿ ಹಾಗೂ ಬೆಳೆ ಹಾನಿ ಪರಿಹಾರ ನೀಡಲು ಬೆಳೆ ಸಮೀಕ್ಷೆ ಮಾಹಿತಿಯನ್ನೇ ಆಧರಿಸಲಾಗುವುದು. ಆದ್ದರಿಂದ ರೈತರು ತಪ್ಪದೇ ತಮ್ಮ ಬೆಳೆ ಮಾಹಿತಿಯನ್ನು ಪರಿಶೀಲಿಸಿಕೊಳ್ಳಬೇಕು. ಹೆಚ್ಚಿನ ಮಾಹಿತಿಗಾಗಿ ಹತ್ತಿರದ ರೈತ ಸಂಪರ್ಕ ಕೇಂದ್ರ, ಕೃಷಿ ಇಲಾಖೆ ಅಥವಾ ತಾಲ್ಲೂಕು ಕಚೇರಿಯನ್ನು ಸಂಪರ್ಕಿಸಬಹುದು ಎಂದು ಜಿಲ್ಲಾಧಿಕಾರಿಗಳು ಪ್ರಕಟಣೆಯಲ್ಲಿ ತಿಳಿಸಿದ್ದಾರೆ.
ತುಂತುರು ನೀರಾವರಿ ಪರಿಕರಗಳಿಗೆ ಅರ್ಜಿ ಆಹ್ವಾನ
ಹಾವೇರಿ: ಕೃಷಿ ಇಲಾಖೆ ಮೂಲಕ ಎಲ್ಲ ವರ್ಗದ ರೈತರಿಗೆ ತುಂತುರು ನೀರಾವರಿ ಯೋಜನೆಯಡಿ ಸ್ಪ್ರಿಂಕ್ಲರ್ ಪರಿಕರಗಳನ್ನು ಸಹಾಯಧನದಲ್ಲಿ ವಿತರಿಸಲು ಅರ್ಜಿ ಆಹ್ವಾನಿಸಲಾಗಿದೆ. ಆಸಕ್ತ ರೈತರು ಅಗತ್ಯ ದಾಖಲೆಗಳೊಂದಿಗೆ ಸಮೀಪದ ರೈತ ಸಂಪರ್ಕ ಕೇಂದ್ರಕ್ಕೆ ಅರ್ಜಿ ಸಲ್ಲಿಸಬಹುದು. ಹೆಚ್ಚಿನ ಮಾಹಿತಿಗೆ ಕಸಬಾ ದೂ.ಸಂ: 8277931143, 9743056797, ಕರ್ಜಗಿ ದೂ.ಸಂ: 8277931137, 9148382913, ಗುತ್ತಲ ದೂ.ಸಂ: 8277931136, 9620282104 ಹಾಗೂ ಸಹಾಯಕ ಕೃಷಿ ನಿರ್ದೇಶಕರ ಕಚೇರಿಯನ್ನು ಸಂಪರ್ಕಿಸಬಹುದು.
